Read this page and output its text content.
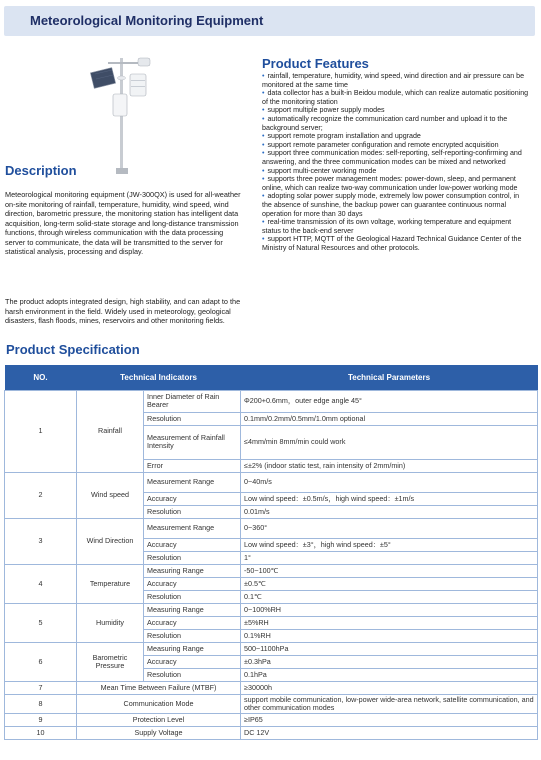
Meteorological Monitoring Equipment
Product Features
• rainfall, temperature, humidity, wind speed, wind direction and air pressure can be monitored at the same time
• data collector has a built-in Beidou module, which can realize automatic positioning of the monitoring station
• support multiple power supply modes
• automatically recognize the communication card number and upload it to the background server;
• support remote program installation and upgrade
• support remote parameter configuration and remote encrypted acquisition
• support three communication modes: self-reporting, self-reporting-confirming and answering, and the three communication modes can be mixed and networked
• support multi-center working mode
• supports three power management modes: power-down, sleep, and permanent online, which can realize two-way communication under low-power working mode
• adopting solar power supply mode, extremely low power consumption control, in the absence of sunshine, the backup power can guarantee continuous normal operation for more than 30 days
• real-time transmission of its own voltage, working temperature and equipment status to the back-end server
• support HTTP, MQTT of the Geological Hazard Technical Guidance Center of the Ministry of Natural Resources and other protocols.
Description

Meteorological monitoring equipment (JW-300QX) is used for all-weather on-site monitoring of rainfall, temperature, humidity, wind speed, wind direction, barometric pressure, the monitoring station has intelligent data acquisition, long-term solid-state storage and long-distance transmission functions, through wireless communication with the data processing server to communicate, the data will be transmitted to the server for statistical analysis, processing and display.

The product adopts integrated design, high stability, and can adapt to the harsh environment in the field. Widely used in meteorology, geological disasters, flash floods, mines, reservoirs and other monitoring fields.

Product Specification
NO.	Technical Indicators		Technical Parameters
1	Rainfall	Inner Diameter of Rain Bearer	Φ200+0.6mm，outer edge angle 45°
		Resolution	0.1mm/0.2mm/0.5mm/1.0mm optional
		Measurement of Rainfall Intensity	≤4mm/min 8mm/min could work
		Error	≤±2% (indoor static test, rain intensity of 2mm/min)
2	Wind speed	Measurement Range	0~40m/s
		Accuracy	Low wind speed：±0.5m/s，high wind speed：±1m/s
		Resolution	0.01m/s
3	Wind Direction	Measurement Range	0~360°
		Accuracy	Low wind speed：±3°，high wind speed：±5°
		Resolution	1°
4	Temperature	Measuring Range	-50~100℃
		Accuracy	±0.5℃
		Resolution	0.1℃
5	Humidity	Measuring Range	0~100%RH
		Accuracy	±5%RH
		Resolution	0.1%RH
6	Barometric Pressure	Measuring Range	500~1100hPa
		Accuracy	±0.3hPa
		Resolution	0.1hPa
7	Mean Time Between Failure (MTBF)		≥30000h
8	Communication Mode		support mobile communication, low-power wide-area network, satellite communication, and other communication modes
9	Protection Level		≥IP65
10	Supply Voltage		DC 12V
